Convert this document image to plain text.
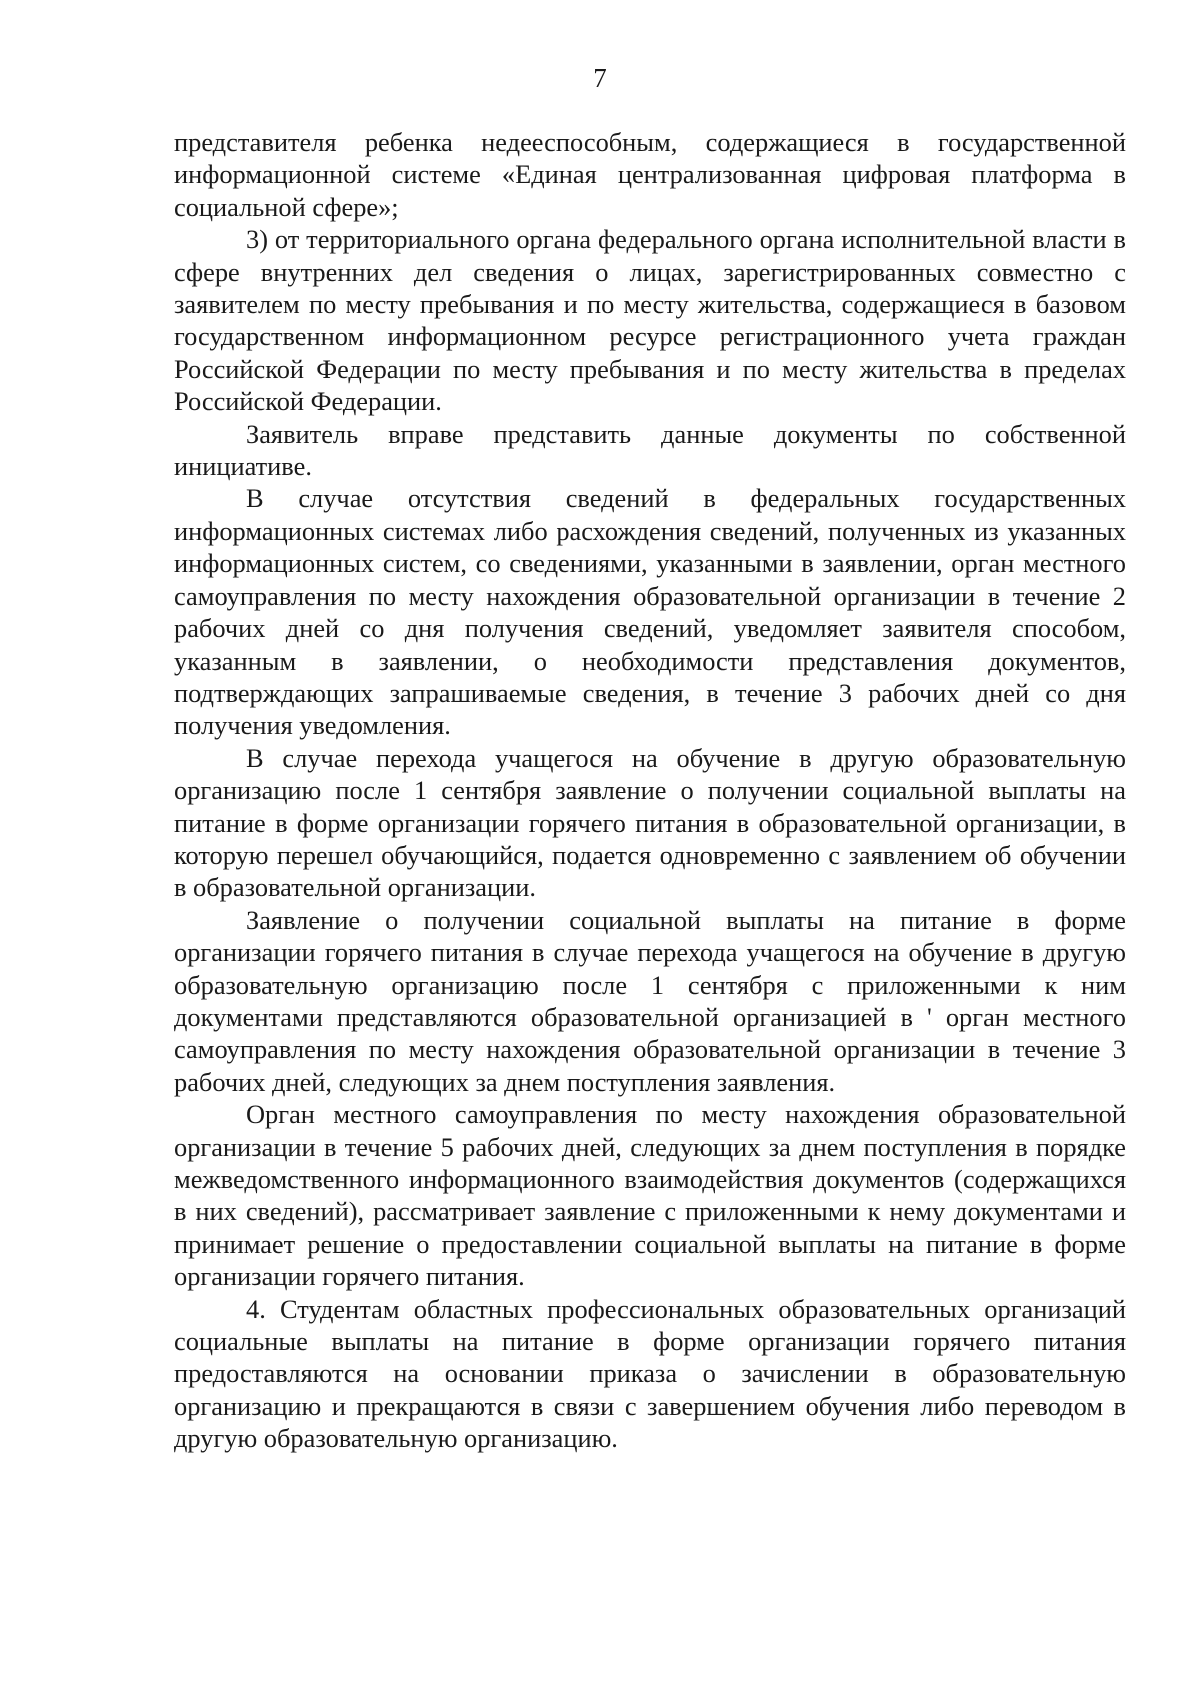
7

представителя ребенка недееспособным, содержащиеся в государственной информационной системе «Единая централизованная цифровая платформа в социальной сфере»;

3) от территориального органа федерального органа исполнительной власти в сфере внутренних дел сведения о лицах, зарегистрированных совместно с заявителем по месту пребывания и по месту жительства, содержащиеся в базовом государственном информационном ресурсе регистрационного учета граждан Российской Федерации по месту пребывания и по месту жительства в пределах Российской Федерации.

Заявитель вправе представить данные документы по собственной инициативе.

В случае отсутствия сведений в федеральных государственных информационных системах либо расхождения сведений, полученных из указанных информационных систем, со сведениями, указанными в заявлении, орган местного самоуправления по месту нахождения образовательной организации в течение 2 рабочих дней со дня получения сведений, уведомляет заявителя способом, указанным в заявлении, о необходимости представления документов, подтверждающих запрашиваемые сведения, в течение 3 рабочих дней со дня получения уведомления.

В случае перехода учащегося на обучение в другую образовательную организацию после 1 сентября заявление о получении социальной выплаты на питание в форме организации горячего питания в образовательной организации, в которую перешел обучающийся, подается одновременно с заявлением об обучении в образовательной организации.

Заявление о получении социальной выплаты на питание в форме организации горячего питания в случае перехода учащегося на обучение в другую образовательную организацию после 1 сентября с приложенными к ним документами представляются образовательной организацией в ' орган местного самоуправления по месту нахождения образовательной организации в течение 3 рабочих дней, следующих за днем поступления заявления.

Орган местного самоуправления по месту нахождения образовательной организации в течение 5 рабочих дней, следующих за днем поступления в порядке межведомственного информационного взаимодействия документов (содержащихся в них сведений), рассматривает заявление с приложенными к нему документами и принимает решение о предоставлении социальной выплаты на питание в форме организации горячего питания.

4. Студентам областных профессиональных образовательных организаций социальные выплаты на питание в форме организации горячего питания предоставляются на основании приказа о зачислении в образовательную организацию и прекращаются в связи с завершением обучения либо переводом в другую образовательную организацию.
